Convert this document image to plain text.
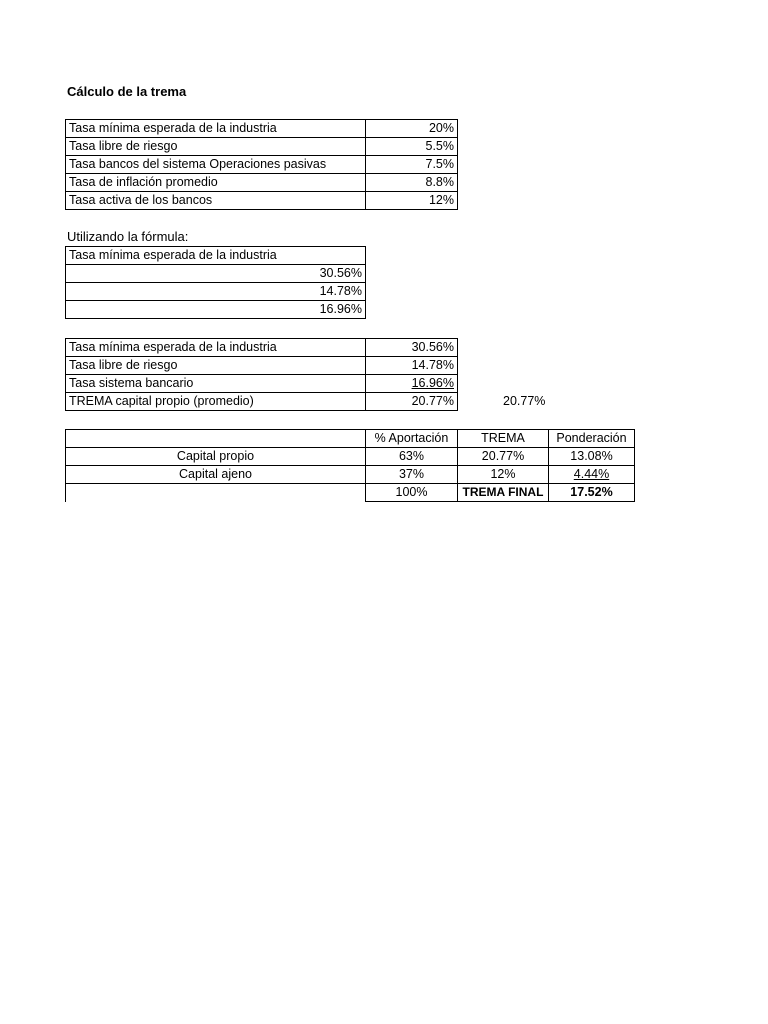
Cálculo de la trema
Tasa mínima esperada de la industria	20%
Tasa libre de riesgo	5.5%
Tasa bancos del sistema Operaciones pasivas	7.5%
Tasa de inflación promedio	8.8%
Tasa activa de los bancos	12%
Utilizando la fórmula:
Tasa mínima esperada de la industria
30.56%
14.78%
16.96%
Tasa mínima esperada de la industria	30.56%
Tasa libre de riesgo	14.78%
Tasa sistema bancario	16.96%
TREMA capital propio (promedio)	20.77%	20.77%
	% Aportación	TREMA	Ponderación
Capital propio	63%	20.77%	13.08%
Capital ajeno	37%	12%	4.44%
	100%	TREMA FINAL	17.52%
